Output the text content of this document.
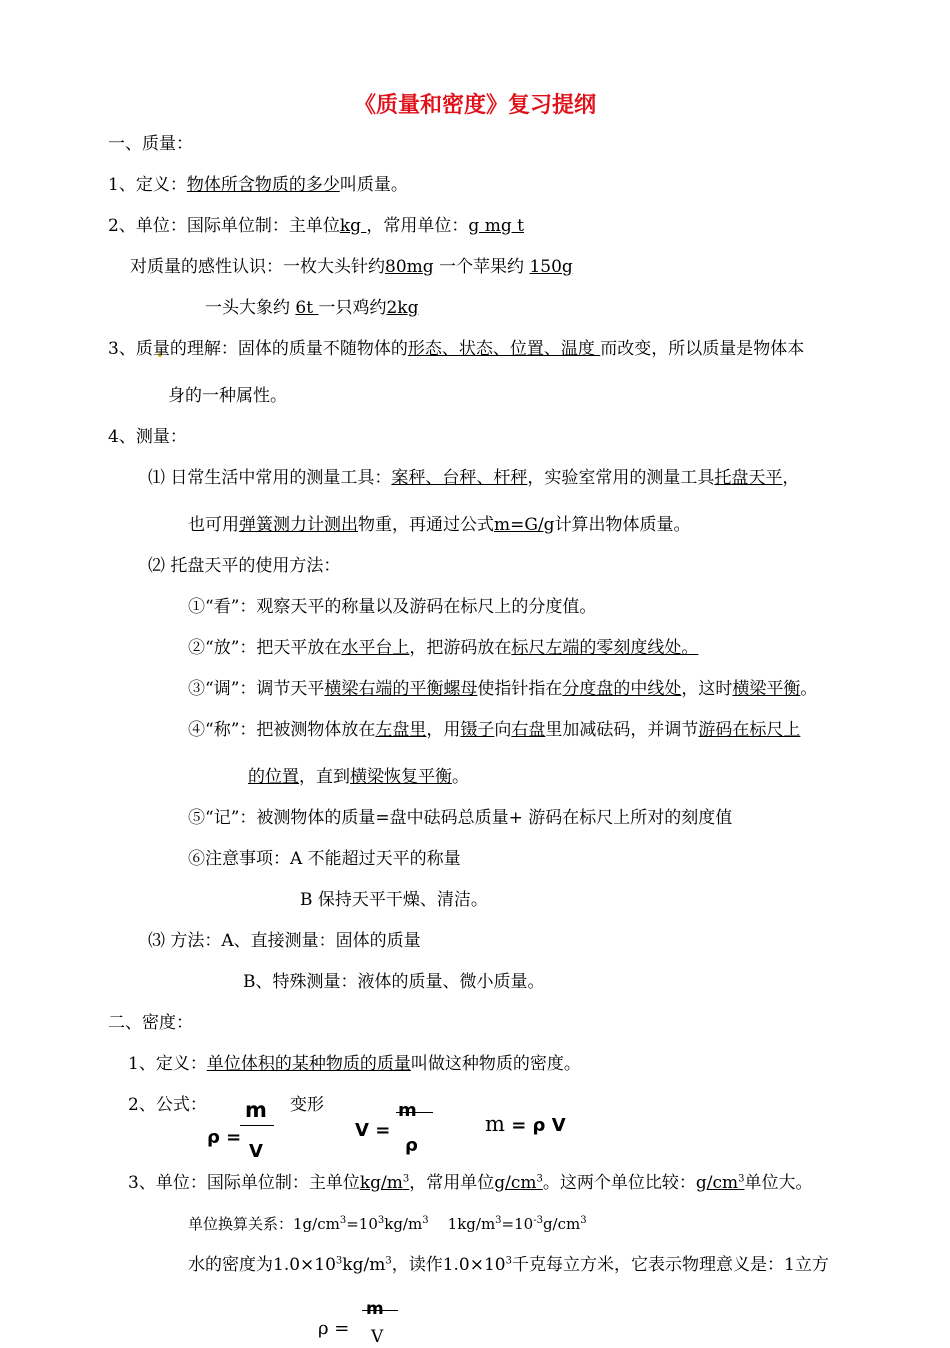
《质量和密度》复习提纲
一、质量：
1、定义：物体所含物质的多少叫质量。
2、单位：国际单位制：主单位kg ，常用单位：g mg t
对质量的感性认识：一枚大头针约80mg 一个苹果约 150g
一头大象约 6t 一只鸡约2kg
3、质量的理解：固体的质量不随物体的形态、状态、位置、温度 而改变，所以质量是物体本
身的一种属性。
4、测量：
⑴ 日常生活中常用的测量工具：案秤、台秤、杆秤，实验室常用的测量工具托盘天平，
也可用弹簧测力计测出物重，再通过公式m=G/g计算出物体质量。
⑵ 托盘天平的使用方法：
①“看”：观察天平的称量以及游码在标尺上的分度值。
②“放”：把天平放在水平台上，把游码放在标尺左端的零刻度线处。
③“调”：调节天平横梁右端的平衡螺母使指针指在分度盘的中线处，这时横梁平衡。
④“称”：把被测物体放在左盘里，用镊子向右盘里加减砝码，并调节游码在标尺上
的位置，直到横梁恢复平衡。
⑤“记”：被测物体的质量=盘中砝码总质量+ 游码在标尺上所对的刻度值
⑥注意事项：A 不能超过天平的称量
B 保持天平干燥、清洁。
⑶ 方法：A、直接测量：固体的质量
B、特殊测量：液体的质量、微小质量。
二、密度：
1、定义：单位体积的某种物质的质量叫做这种物质的密度。
2、公式：	变形
ρ =
m
V
V =
m
ρ
m = ρ V
3、单位：国际单位制：主单位$kg/m^3$，常用单位$g/cm^3$。这两个单位比较：$g/cm^3$单位大。
单位换算关系：$1g/cm^3=10^3kg/m^3$    $1kg/m^3=10^{-3}g/cm^3$
水的密度为$1.0\times 10^3kg/m^3$，读作$1.0\times 10^3$千克每立方米，它表示物理意义是：1立方
ρ =
m
V
